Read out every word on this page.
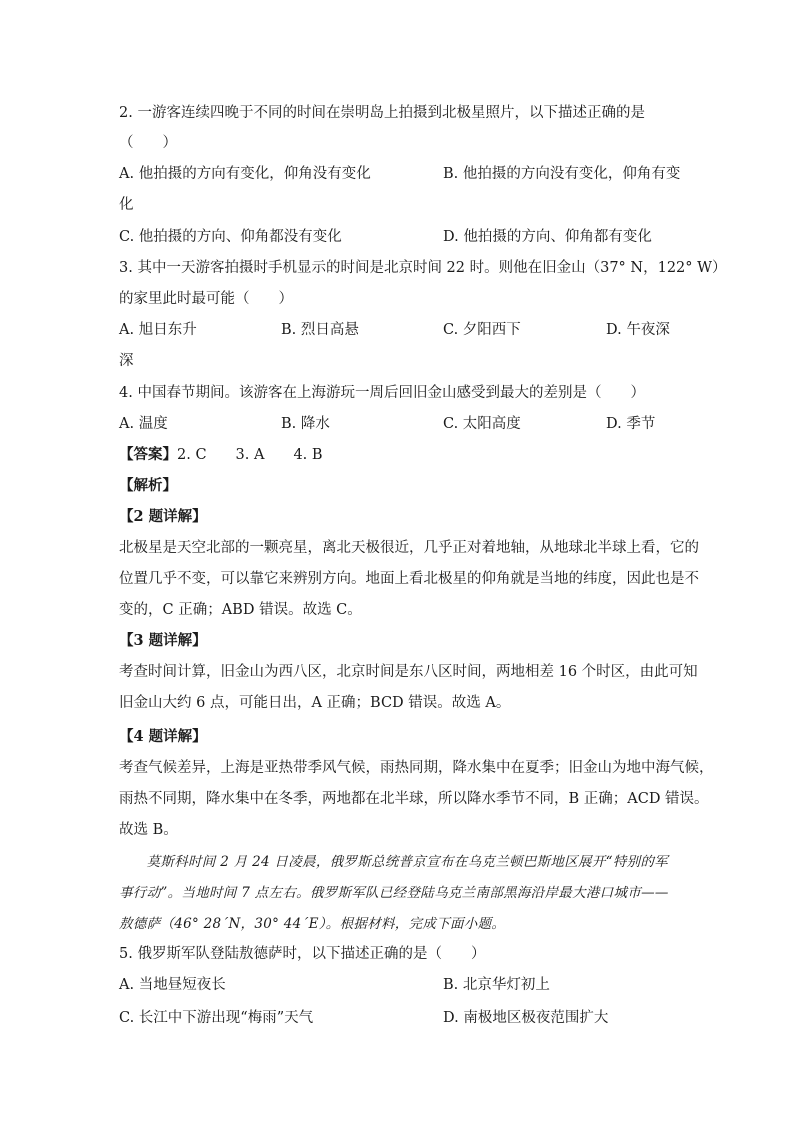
2. 一游客连续四晚于不同的时间在崇明岛上拍摄到北极星照片，以下描述正确的是
（　　）
A. 他拍摄的方向有变化，仰角没有变化	B. 他拍摄的方向没有变化，仰角有变
化
C. 他拍摄的方向、仰角都没有变化	D. 他拍摄的方向、仰角都有变化
3. 其中一天游客拍摄时手机显示的时间是北京时间 22 时。则他在旧金山（37° N，122° W）
的家里此时最可能（　　）
A. 旭日东升	B. 烈日高悬	C. 夕阳西下	D. 午夜深
深
4. 中国春节期间。该游客在上海游玩一周后回旧金山感受到最大的差别是（　　）
A. 温度	B. 降水	C. 太阳高度	D. 季节
【答案】2. C　　3. A　　4. B
【解析】
【2 题详解】
北极星是天空北部的一颗亮星，离北天极很近，几乎正对着地轴，从地球北半球上看，它的
位置几乎不变，可以靠它来辨别方向。地面上看北极星的仰角就是当地的纬度，因此也是不
变的，C 正确；ABD 错误。故选 C。
【3 题详解】
考查时间计算，旧金山为西八区，北京时间是东八区时间，两地相差 16 个时区，由此可知
旧金山大约 6 点，可能日出，A 正确；BCD 错误。故选 A。
【4 题详解】
考查气候差异，上海是亚热带季风气候，雨热同期，降水集中在夏季；旧金山为地中海气候，
雨热不同期，降水集中在冬季，两地都在北半球，所以降水季节不同，B 正确；ACD 错误。
故选 B。
　　莫斯科时间 2 月 24 日凌晨，俄罗斯总统普京宣布在乌克兰顿巴斯地区展开“特别的军
事行动”。当地时间 7 点左右。俄罗斯军队已经登陆乌克兰南部黑海沿岸最大港口城市——
敖德萨（46° 28´N，30° 44´E）。根据材料，完成下面小题。
5. 俄罗斯军队登陆敖德萨时，以下描述正确的是（　　）
A. 当地昼短夜长	B. 北京华灯初上
C. 长江中下游出现“梅雨”天气	D. 南极地区极夜范围扩大
